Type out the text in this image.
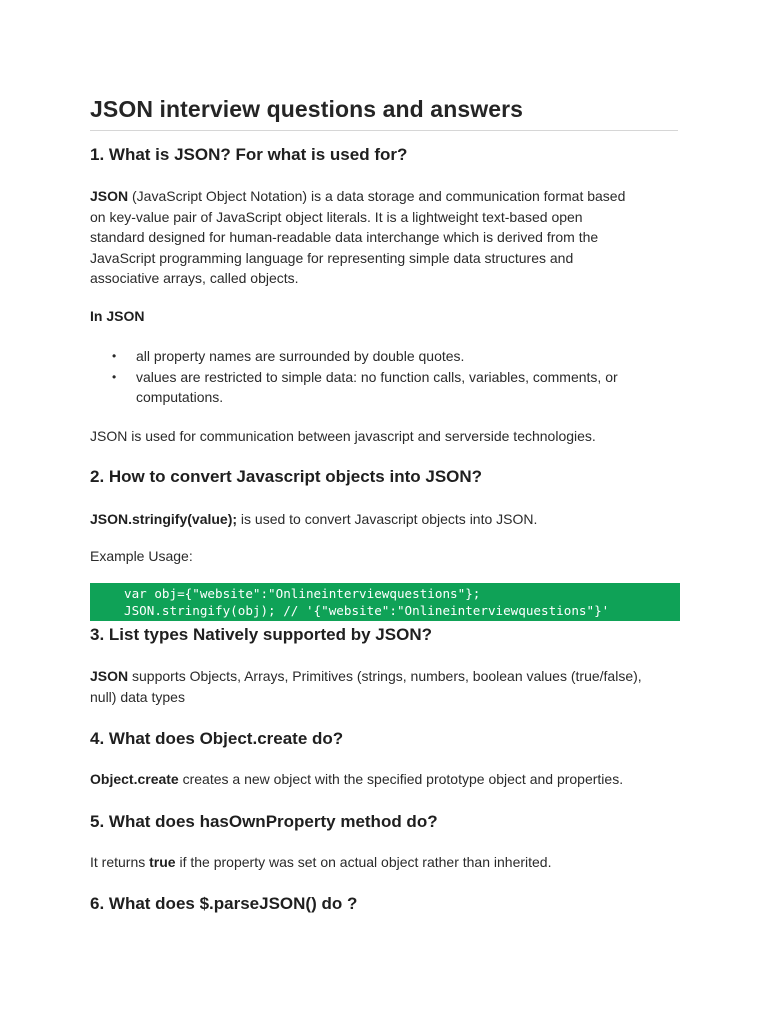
JSON interview questions and answers
1. What is JSON? For what is used for?

JSON (JavaScript Object Notation) is a data storage and communication format based
on key-value pair of JavaScript object literals. It is a lightweight text-based open
standard designed for human-readable data interchange which is derived from the
JavaScript programming language for representing simple data structures and
associative arrays, called objects.

In JSON
• all property names are surrounded by double quotes.
• values are restricted to simple data: no function calls, variables, comments, or
computations.

JSON is used for communication between javascript and serverside technologies.

2. How to convert Javascript objects into JSON?

JSON.stringify(value); is used to convert Javascript objects into JSON.

Example Usage:

var obj={"website":"Onlineinterviewquestions"};
JSON.stringify(obj); // '{"website":"Onlineinterviewquestions"}'
3. List types Natively supported by JSON?

JSON supports Objects, Arrays, Primitives (strings, numbers, boolean values (true/false),
null) data types

4. What does Object.create do?

Object.create creates a new object with the specified prototype object and properties.

5. What does hasOwnProperty method do?

It returns true if the property was set on actual object rather than inherited.

6. What does $.parseJSON() do ?
